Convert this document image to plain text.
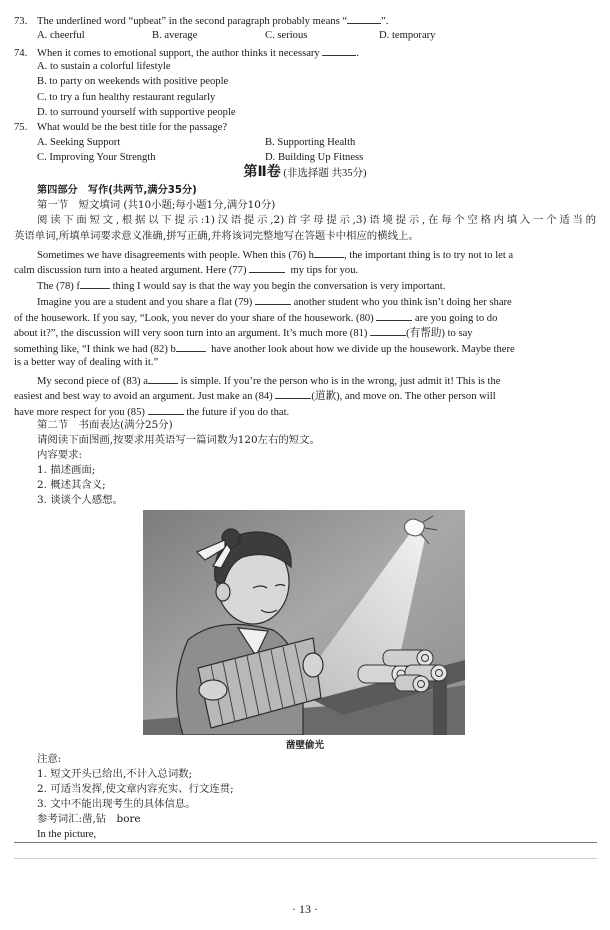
73. The underlined word “upbeat” in the second paragraph probably means “	”.
A. cheerful	B. average	C. serious	D. temporary
74. When it comes to emotional support, the author thinks it necessary	.
A. to sustain a colorful lifestyle
B. to party on weekends with positive people
C. to try a fun healthy restaurant regularly
D. to surround yourself with supportive people
75. What would be the best title for the passage?
A. Seeking Support	B. Supporting Health
C. Improving Your Strength	D. Building Up Fitness
第Ⅱ卷 (非选择题 共35分)
第四部分　写作(共两节,满分35分)
第一节　短文填词 (共10小题;每小题1分,满分10分)
阅读下面短文,根据以下提示:1)汉语提示,2)首字母提示,3)语境提示,在每个空格内填入一个适当的
英语单词,所填单词要求意义准确,拼写正确,并将该词完整地写在答题卡中相应的横线上。
Sometimes we have disagreements with people. When this (76) h	, the important thing is to try not to let a
calm discussion turn into a heated argument. Here (77)	my tips for you.
The (78) f	thing I would say is that the way you begin the conversation is very important.
Imagine you are a student and you share a flat (79)	another student who you think isn’t doing her share
of the housework. If you say, “Look, you never do your share of the housework. (80)	are you going to do
about it?”, the discussion will very soon turn into an argument. It’s much more (81)	(有帮助) to say
something like, “I think we had (82) b	have another look about how we divide up the housework. Maybe there
is a better way of dealing with it.”
My second piece of (83) a	is simple. If you’re the person who is in the wrong, just admit it! This is the
easiest and best way to avoid an argument. Just make an (84)	(道歉), and move on. The other person will
have more respect for you (85)	the future if you do that.
第二节　书面表达(满分25分)
请阅读下面图画,按要求用英语写一篇词数为120左右的短文。
内容要求:
1. 描述画面;
2. 概述其含义;
3. 谈谈个人感想。
凿壁偷光
注意:
1. 短文开头已给出,不计入总词数;
2. 可适当发挥,使文章内容充实、行文连贯;
3. 文中不能出现考生的具体信息。
参考词汇:凿,钻　bore
In the picture,
· 13 ·
